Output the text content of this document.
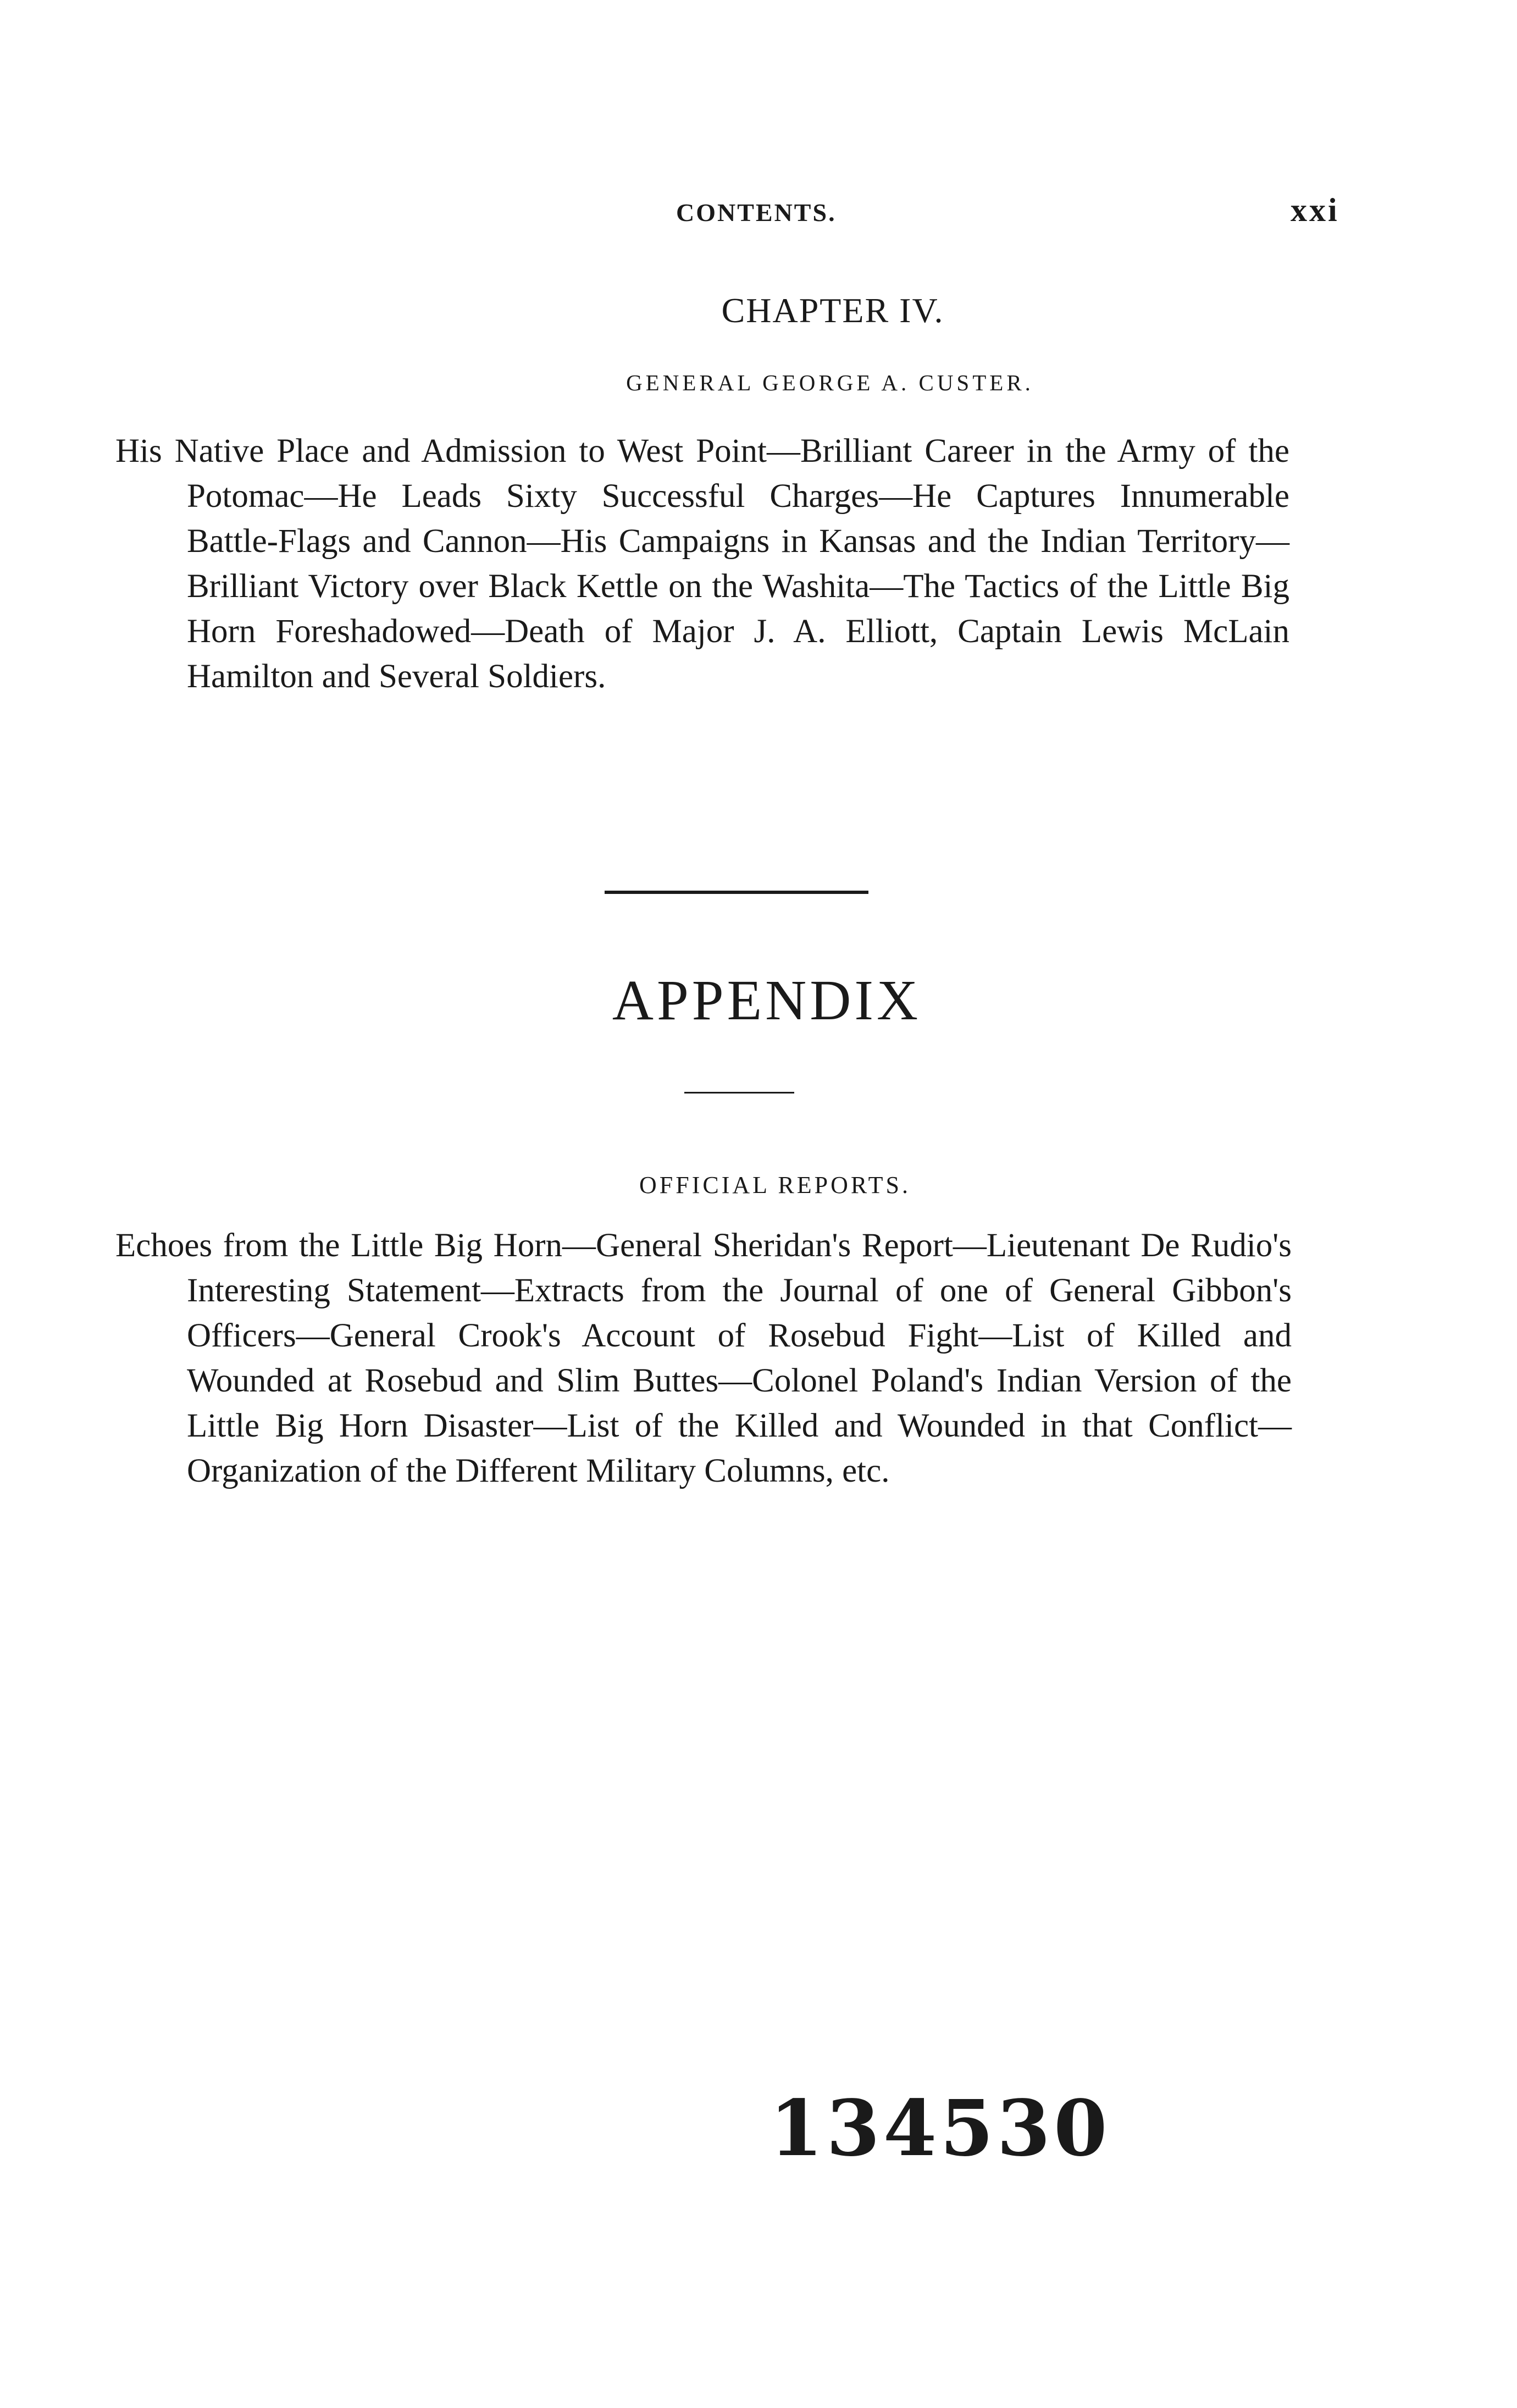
CONTENTS.	xxi
CHAPTER IV.
GENERAL GEORGE A. CUSTER.
His Native Place and Admission to West Point—Brilliant Career in the Army of the Potomac—He Leads Sixty Successful Charges—He Captures Innumerable Battle-Flags and Cannon—His Campaigns in Kansas and the Indian Territory—Brilliant Victory over Black Kettle on the Washita—The Tactics of the Little Big Horn Foreshadowed—Death of Major J. A. Elliott, Captain Lewis McLain Hamilton and Several Soldiers.
APPENDIX
OFFICIAL REPORTS.
Echoes from the Little Big Horn—General Sheridan's Report—Lieutenant De Rudio's Interesting Statement—Extracts from the Journal of one of General Gibbon's Officers—General Crook's Account of Rosebud Fight—List of Killed and Wounded at Rosebud and Slim Buttes—Colonel Poland's Indian Version of the Little Big Horn Disaster—List of the Killed and Wounded in that Conflict—Organization of the Different Military Columns, etc.
134530
